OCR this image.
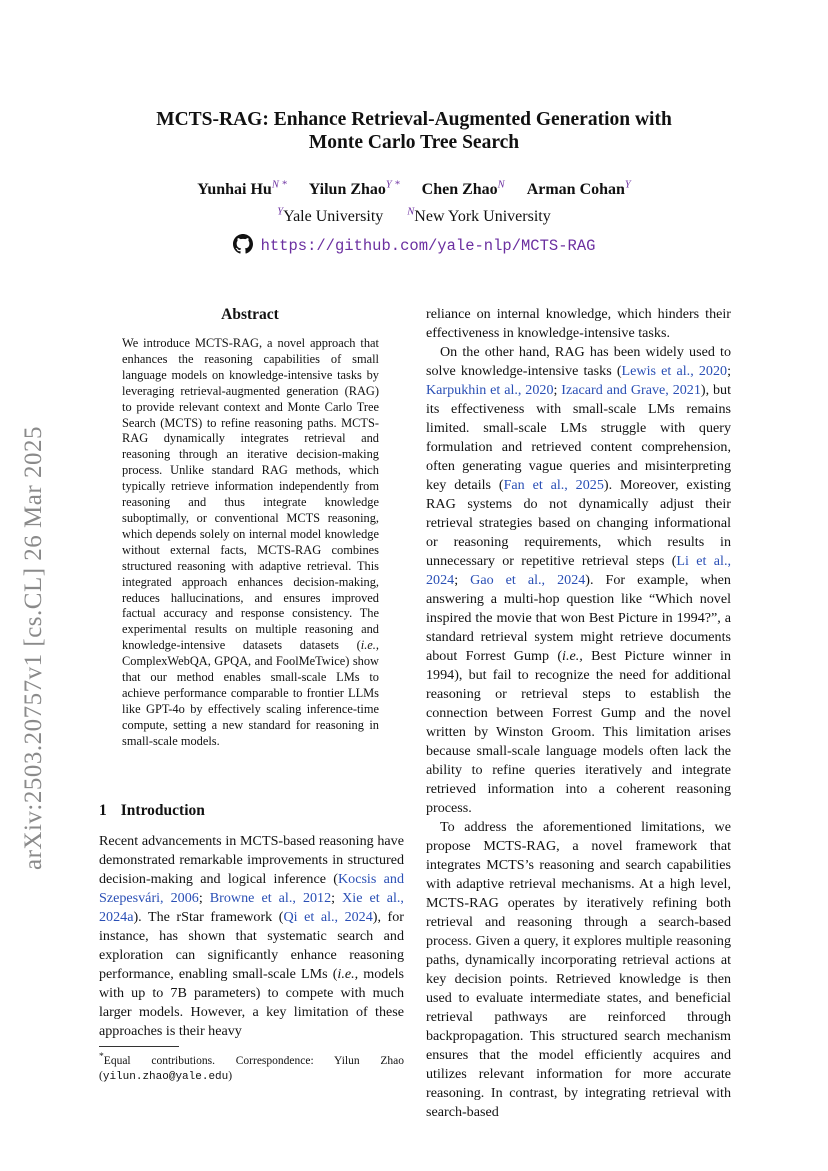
arXiv:2503.20757v1 [cs.CL] 26 Mar 2025
MCTS-RAG: Enhance Retrieval-Augmented Generation with
Monte Carlo Tree Search
Yunhai $Hu^{N *}$ Yilun Zhao$^{Y *}$ Chen Zhao$^N$ Arman Cohan$^Y$
$^Y$Yale University $^N$New York University
https://github.com/yale-nlp/MCTS-RAG
Abstract
We introduce MCTS-RAG, a novel approach that enhances the reasoning capabilities of small language models on knowledge-intensive tasks by leveraging retrieval-augmented generation (RAG) to provide relevant context and Monte Carlo Tree Search (MCTS) to refine reasoning paths. MCTS-RAG dynamically integrates retrieval and reasoning through an iterative decision-making process. Unlike standard RAG methods, which typically retrieve information independently from reasoning and thus integrate knowledge suboptimally, or conventional MCTS reasoning, which depends solely on internal model knowledge without external facts, MCTS-RAG combines structured reasoning with adaptive retrieval. This integrated approach enhances decision-making, reduces hallucinations, and ensures improved factual accuracy and response consistency. The experimental results on multiple reasoning and knowledge-intensive datasets datasets (i.e., ComplexWebQA, GPQA, and FoolMeTwice) show that our method enables small-scale LMs to achieve performance comparable to frontier LLMs like GPT-4o by effectively scaling inference-time compute, setting a new standard for reasoning in small-scale models.
1 Introduction
Recent advancements in MCTS-based reasoning have demonstrated remarkable improvements in structured decision-making and logical inference (Kocsis and Szepesvári, 2006; Browne et al., 2012; Xie et al., 2024a). The rStar framework (Qi et al., 2024), for instance, has shown that systematic search and exploration can significantly enhance reasoning performance, enabling small-scale LMs (i.e., models with up to 7B parameters) to compete with much larger models. However, a key limitation of these approaches is their heavy
*Equal contributions. Correspondence: Yilun Zhao (yilun.zhao@yale.edu)

reliance on internal knowledge, which hinders their effectiveness in knowledge-intensive tasks.

On the other hand, RAG has been widely used to solve knowledge-intensive tasks (Lewis et al., 2020; Karpukhin et al., 2020; Izacard and Grave, 2021), but its effectiveness with small-scale LMs remains limited. small-scale LMs struggle with query formulation and retrieved content comprehension, often generating vague queries and misinterpreting key details (Fan et al., 2025). Moreover, existing RAG systems do not dynamically adjust their retrieval strategies based on changing informational or reasoning requirements, which results in unnecessary or repetitive retrieval steps (Li et al., 2024; Gao et al., 2024). For example, when answering a multi-hop question like “Which novel inspired the movie that won Best Picture in 1994?”, a standard retrieval system might retrieve documents about Forrest Gump (i.e., Best Picture winner in 1994), but fail to recognize the need for additional reasoning or retrieval steps to establish the connection between Forrest Gump and the novel written by Winston Groom. This limitation arises because small-scale language models often lack the ability to refine queries iteratively and integrate retrieved information into a coherent reasoning process.

To address the aforementioned limitations, we propose MCTS-RAG, a novel framework that integrates MCTS’s reasoning and search capabilities with adaptive retrieval mechanisms. At a high level, MCTS-RAG operates by iteratively refining both retrieval and reasoning through a search-based process. Given a query, it explores multiple reasoning paths, dynamically incorporating retrieval actions at key decision points. Retrieved knowledge is then used to evaluate intermediate states, and beneficial retrieval pathways are reinforced through backpropagation. This structured search mechanism ensures that the model efficiently acquires and utilizes relevant information for more accurate reasoning. In contrast, by integrating retrieval with search-based
